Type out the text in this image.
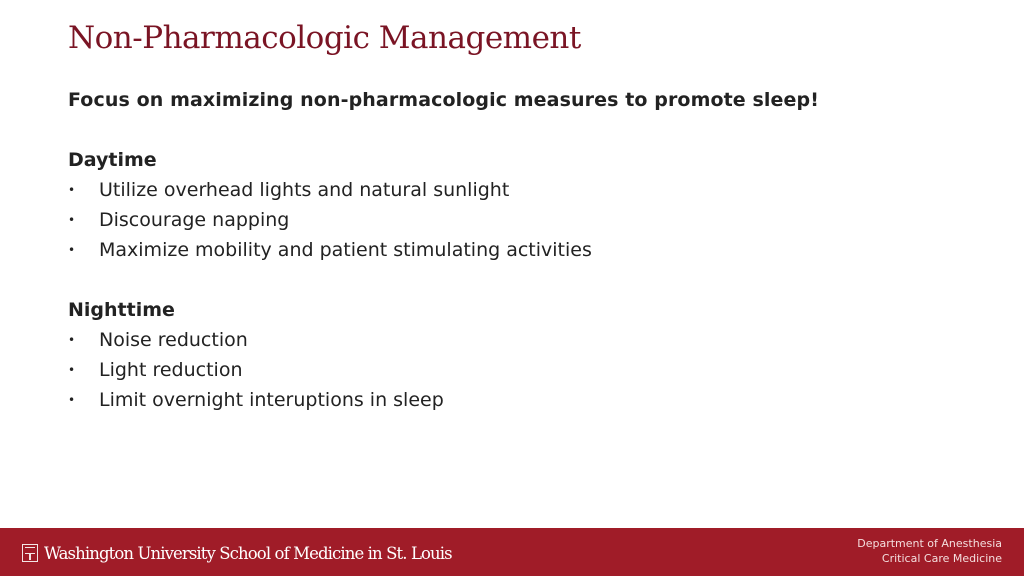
Non-Pharmacologic Management
Focus on maximizing non-pharmacologic measures to promote sleep!
Daytime
• Utilize overhead lights and natural sunlight
• Discourage napping
• Maximize mobility and patient stimulating activities
Nighttime
• Noise reduction
• Light reduction
• Limit overnight interuptions in sleep
Washington University School of Medicine in St. Louis	Department of Anesthesia
Critical Care Medicine
